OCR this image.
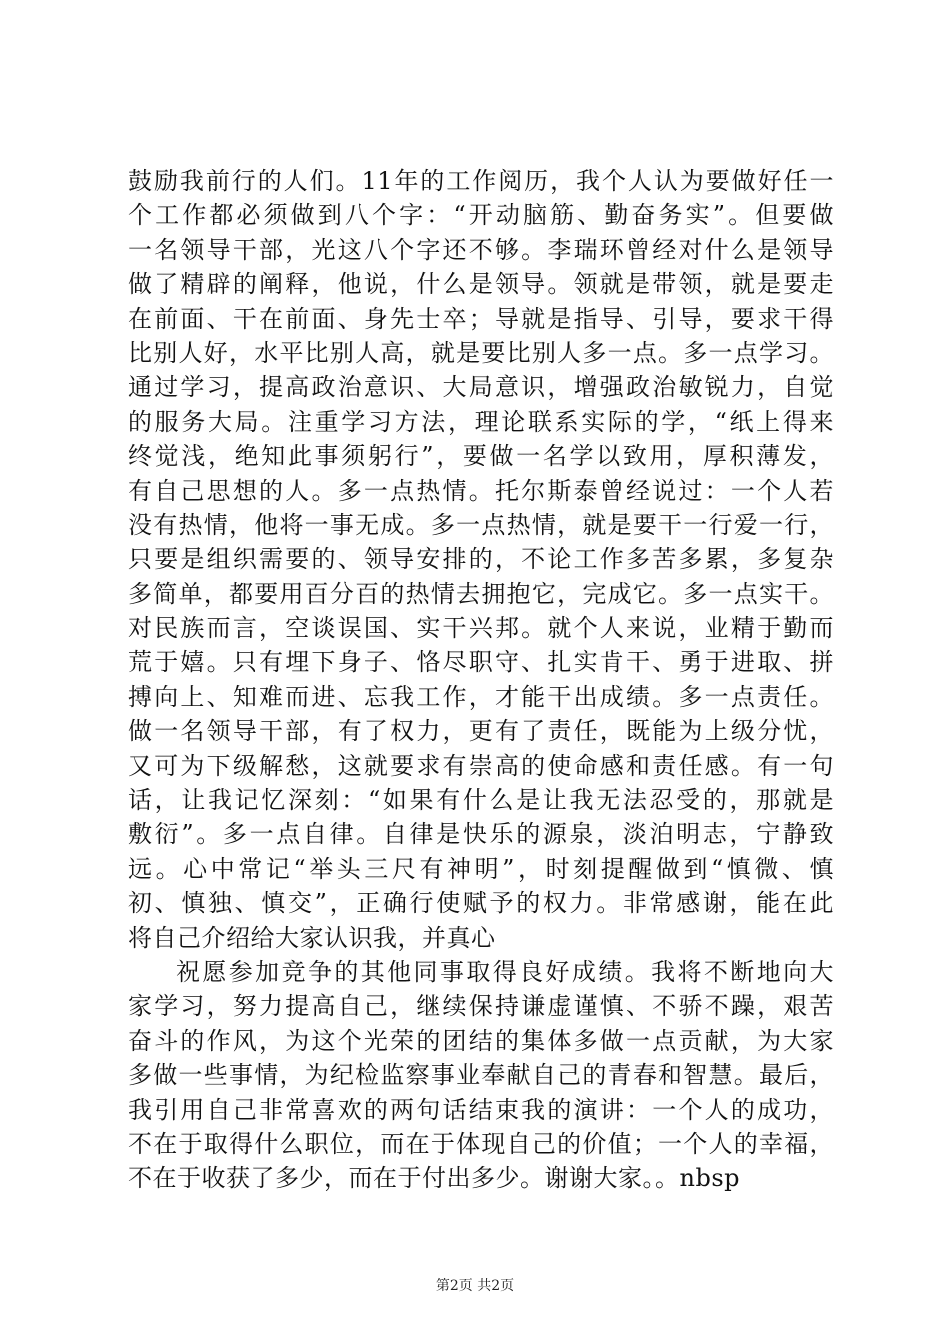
鼓励我前行的人们。11年的工作阅历，我个人认为要做好任一
个工作都必须做到八个字：“开动脑筋、勤奋务实”。但要做
一名领导干部，光这八个字还不够。李瑞环曾经对什么是领导
做了精辟的阐释，他说，什么是领导。领就是带领，就是要走
在前面、干在前面、身先士卒；导就是指导、引导，要求干得
比别人好，水平比别人高，就是要比别人多一点。多一点学习。
通过学习，提高政治意识、大局意识，增强政治敏锐力，自觉
的服务大局。注重学习方法，理论联系实际的学，“纸上得来
终觉浅，绝知此事须躬行”，要做一名学以致用，厚积薄发，
有自己思想的人。多一点热情。托尔斯泰曾经说过：一个人若
没有热情，他将一事无成。多一点热情，就是要干一行爱一行，
只要是组织需要的、领导安排的，不论工作多苦多累，多复杂
多简单，都要用百分百的热情去拥抱它，完成它。多一点实干。
对民族而言，空谈误国、实干兴邦。就个人来说，业精于勤而
荒于嬉。只有埋下身子、恪尽职守、扎实肯干、勇于进取、拼
搏向上、知难而进、忘我工作，才能干出成绩。多一点责任。
做一名领导干部，有了权力，更有了责任，既能为上级分忧，
又可为下级解愁，这就要求有崇高的使命感和责任感。有一句
话，让我记忆深刻：“如果有什么是让我无法忍受的，那就是
敷衍”。多一点自律。自律是快乐的源泉，淡泊明志，宁静致
远。心中常记“举头三尺有神明”，时刻提醒做到“慎微、慎
初、慎独、慎交”，正确行使赋予的权力。非常感谢，能在此
将自己介绍给大家认识我，并真心
祝愿参加竞争的其他同事取得良好成绩。我将不断地向大
家学习，努力提高自己，继续保持谦虚谨慎、不骄不躁，艰苦
奋斗的作风，为这个光荣的团结的集体多做一点贡献，为大家
多做一些事情，为纪检监察事业奉献自己的青春和智慧。最后，
我引用自己非常喜欢的两句话结束我的演讲：一个人的成功，
不在于取得什么职位，而在于体现自己的价值；一个人的幸福，
不在于收获了多少，而在于付出多少。谢谢大家。。nbsp
第2页 共2页
